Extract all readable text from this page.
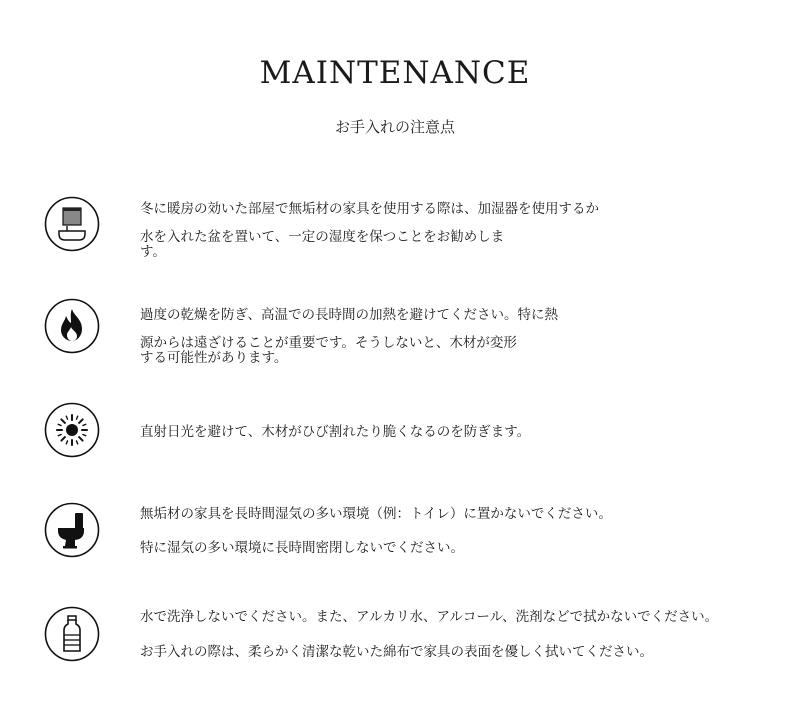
MAINTENANCE
お手入れの注意点
冬に暖房の効いた部屋で無垢材の家具を使用する際は、加湿器を使用するか
水を入れた盆を置いて、一定の湿度を保つことをお勧めします。
過度の乾燥を防ぎ、高温での長時間の加熱を避けてください。特に熱
源からは遠ざけることが重要です。そうしないと、木材が変形する可能性があります。
直射日光を避けて、木材がひび割れたり脆くなるのを防ぎます。
無垢材の家具を長時間湿気の多い環境（例：トイレ）に置かないでください。
特に湿気の多い環境に長時間密閉しないでください。
水で洗浄しないでください。また、アルカリ水、アルコール、洗剤などで拭かないでください。
お手入れの際は、柔らかく清潔な乾いた綿布で家具の表面を優しく拭いてください。
